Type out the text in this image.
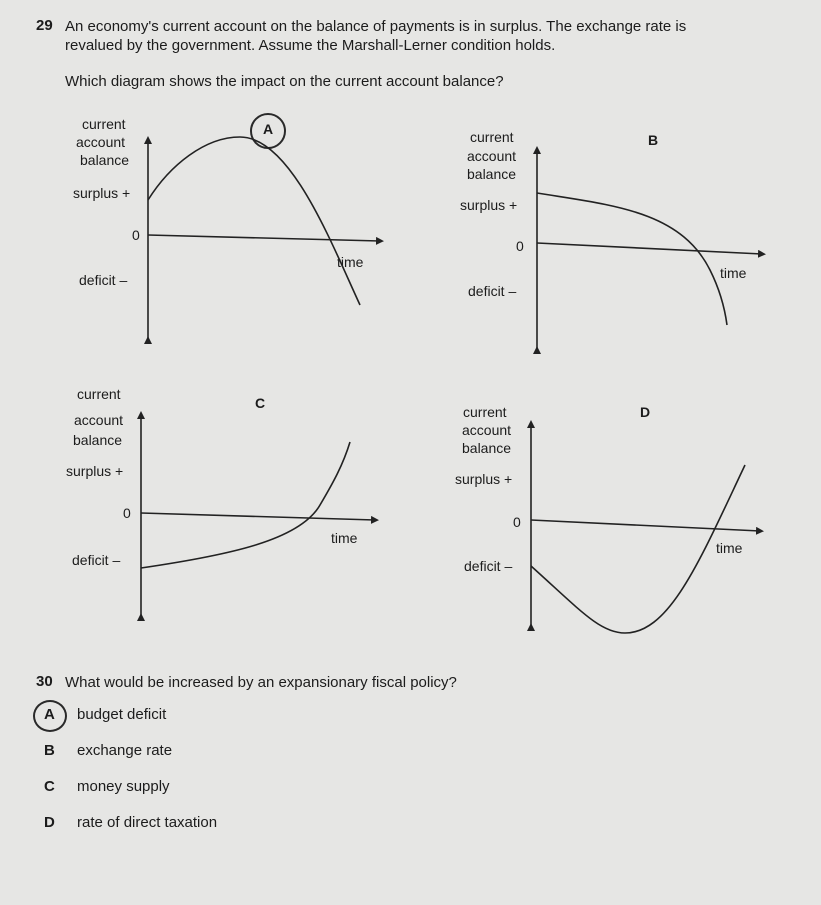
29 An economy's current account on the balance of payments is in surplus. The exchange rate is
revalued by the government. Assume the Marshall-Lerner condition holds.
Which diagram shows the impact on the current account balance?
current
account
balance
surplus +
0
deficit –
time
A	current
account
balance
surplus +
0
deficit –
time
B
current
account
balance
surplus +
0
deficit –
time
C
current
account
balance
surplus +
0
deficit –
time
D
30 What would be increased by an expansionary fiscal policy?
A budget deficit
B exchange rate
C money supply
D rate of direct taxation
